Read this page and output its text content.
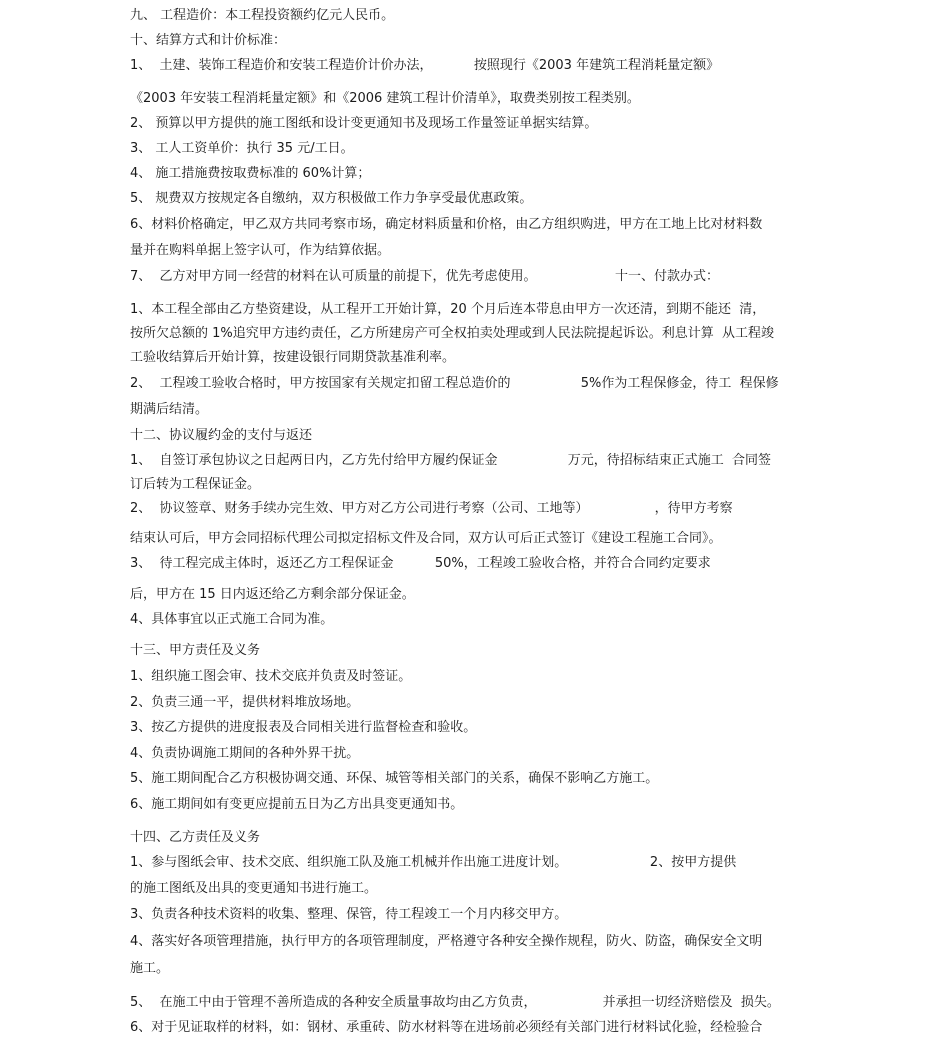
九、 工程造价：本工程投资额约亿元人民币。

十、结算方式和计价标准：

1、  土建、装饰工程造价和安装工程造价计价办法，          按照现行《2003 年建筑工程消耗量定额》

《2003 年安装工程消耗量定额》和《2006 建筑工程计价清单》，取费类别按工程类别。

2、 预算以甲方提供的施工图纸和设计变更通知书及现场工作量签证单据实结算。

3、 工人工资单价：执行 35 元/工日。

4、 施工措施费按取费标准的 60%计算；

5、 规费双方按规定各自缴纳，双方积极做工作力争享受最优惠政策。

6、材料价格确定，甲乙双方共同考察市场，确定材料质量和价格，由乙方组织购进，甲方在工地上比对材料数

量并在购料单据上签字认可，作为结算依据。

7、  乙方对甲方同一经营的材料在认可质量的前提下，优先考虑使用。                   十一、付款办式：

1、本工程全部由乙方垫资建设，从工程开工开始计算，20 个月后连本带息由甲方一次还清，到期不能还  清，

按所欠总额的 1%追究甲方违约责任，乙方所建房产可全权拍卖处理或到人民法院提起诉讼。利息计算  从工程竣

工验收结算后开始计算，按建设银行同期贷款基准利率。

2、  工程竣工验收合格时，甲方按国家有关规定扣留工程总造价的                 5%作为工程保修金，待工  程保修

期满后结清。

十二、协议履约金的支付与返还

1、  自签订承包协议之日起两日内，乙方先付给甲方履约保证金                 万元，待招标结束正式施工  合同签

订后转为工程保证金。

2、  协议签章、财务手续办完生效、甲方对乙方公司进行考察（公司、工地等）                ，待甲方考察

结束认可后，甲方会同招标代理公司拟定招标文件及合同，双方认可后正式签订《建设工程施工合同》。

3、  待工程完成主体时，返还乙方工程保证金          50%，工程竣工验收合格，并符合合同约定要求

后，甲方在 15 日内返还给乙方剩余部分保证金。

4、具体事宜以正式施工合同为准。

十三、甲方责任及义务

1、组织施工图会审、技术交底并负责及时签证。

2、负责三通一平，提供材料堆放场地。

3、按乙方提供的进度报表及合同相关进行监督检查和验收。

4、负责协调施工期间的各种外界干扰。

5、施工期间配合乙方积极协调交通、环保、城管等相关部门的关系，确保不影响乙方施工。

6、施工期间如有变更应提前五日为乙方出具变更通知书。

十四、乙方责任及义务

1、参与图纸会审、技术交底、组织施工队及施工机械并作出施工进度计划。                    2、按甲方提供

的施工图纸及出具的变更通知书进行施工。

3、负责各种技术资料的收集、整理、保管，待工程竣工一个月内移交甲方。

4、落实好各项管理措施，执行甲方的各项管理制度，严格遵守各种安全操作规程，防火、防盗，确保安全文明

施工。

5、  在施工中由于管理不善所造成的各种安全质量事故均由乙方负责，                并承担一切经济赔偿及  损失。

6、对于见证取样的材料，如：钢材、承重砖、防水材料等在进场前必须经有关部门进行材料试化验，经检验合
